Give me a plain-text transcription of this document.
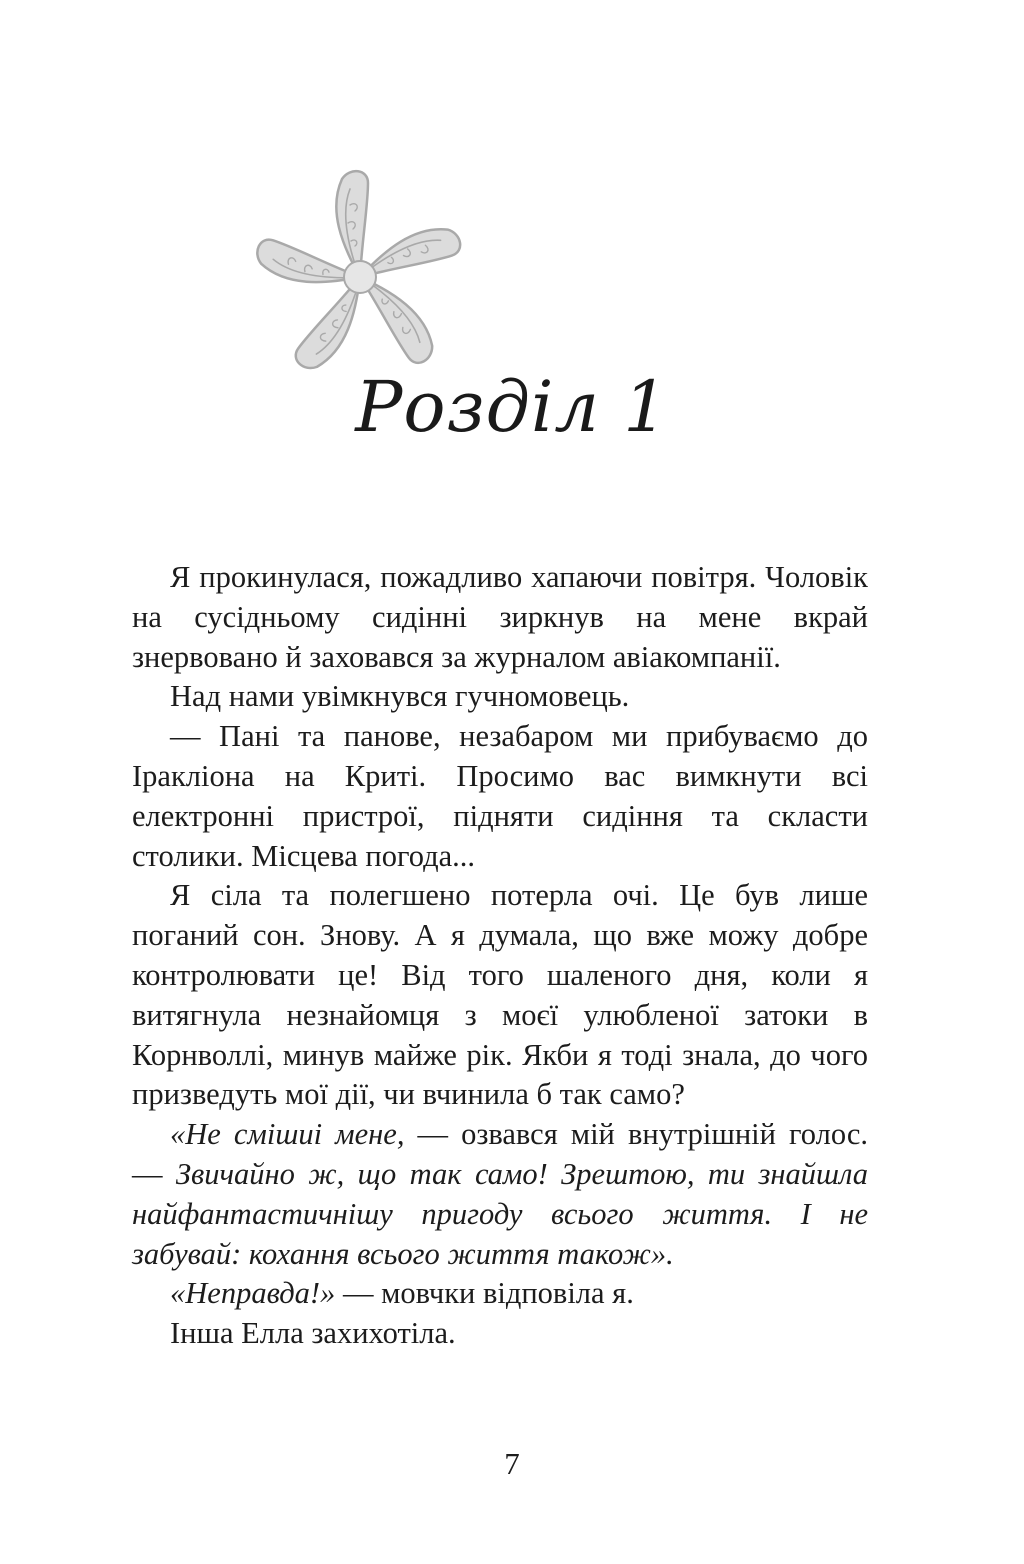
Розділ 1

Я прокинулася, пожадливо хапаючи повітря. Чоловік на сусідньому сидінні зиркнув на мене вкрай знервовано й заховався за журналом авіакомпанії.

Над нами увімкнувся гучномовець.

— Пані та панове, незабаром ми прибуваємо до Іракліона на Криті. Просимо вас вимкнути всі електронні пристрої, підняти сидіння та скласти столики. Місцева погода...

Я сіла та полегшено потерла очі. Це був лише поганий сон. Знову. А я думала, що вже можу добре контролювати це! Від того шаленого дня, коли я витягнула незнайомця з моєї улюбленої затоки в Корнволлі, минув майже рік. Якби я тоді знала, до чого призведуть мої дії, чи вчинила б так само?

«Не смішиi мене, — озвався мій внутрішній голос. — Звичайно ж, що так само! Зрештою, ти знайшла найфантастичнішу пригоду всього життя. І не забувай: кохання всього життя також».

«Неправда!» — мовчки відповіла я.

Інша Елла захихотіла.

7
